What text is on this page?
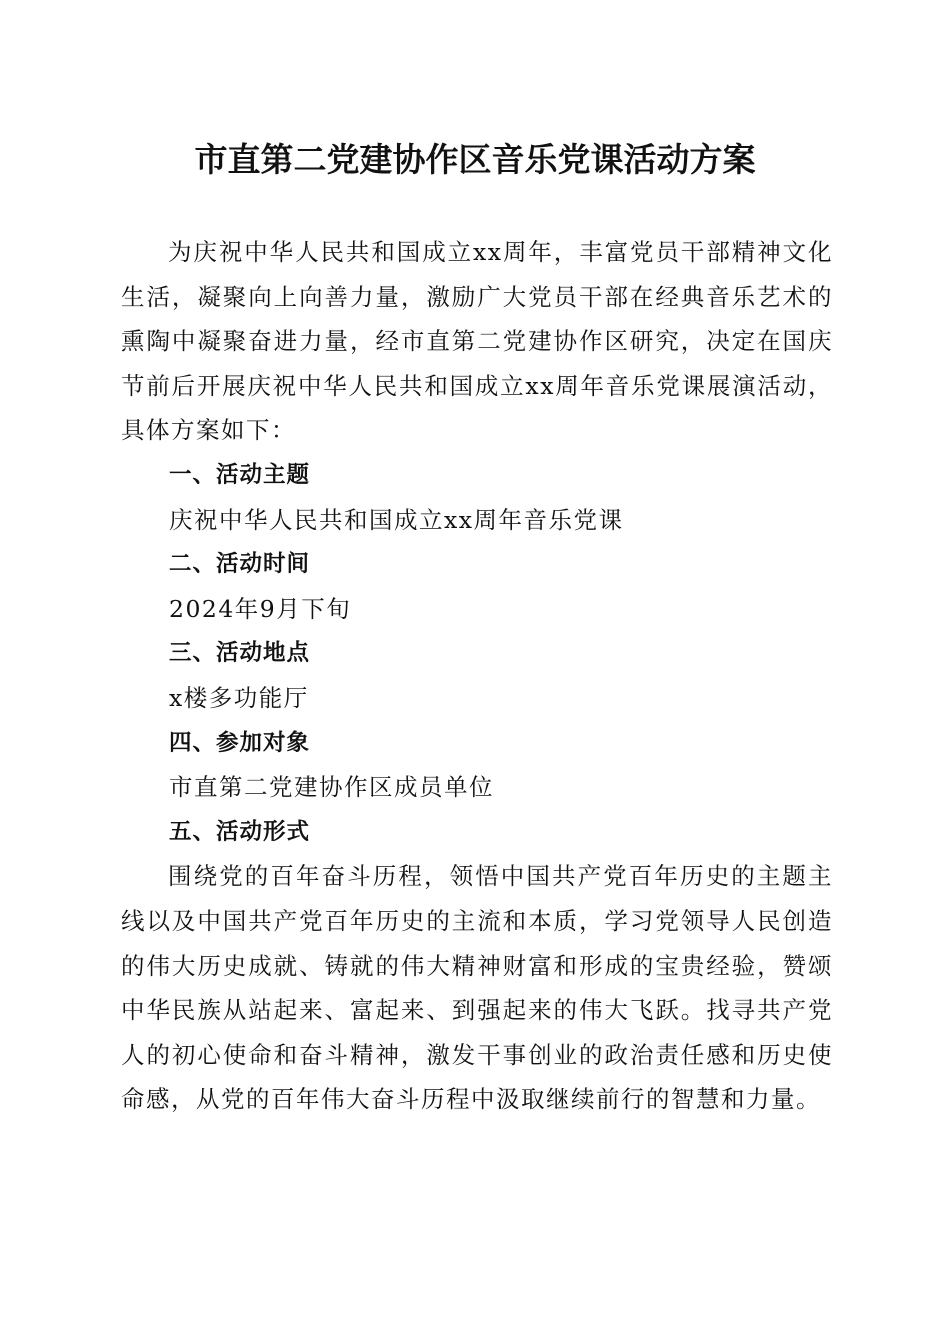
市直第二党建协作区音乐党课活动方案

为庆祝中华人民共和国成立xx周年，丰富党员干部精神文化生活，凝聚向上向善力量，激励广大党员干部在经典音乐艺术的熏陶中凝聚奋进力量，经市直第二党建协作区研究，决定在国庆节前后开展庆祝中华人民共和国成立xx周年音乐党课展演活动，具体方案如下：

一、活动主题
庆祝中华人民共和国成立xx周年音乐党课
二、活动时间
2024年9月下旬
三、活动地点
x楼多功能厅
四、参加对象
市直第二党建协作区成员单位
五、活动形式

围绕党的百年奋斗历程，领悟中国共产党百年历史的主题主线以及中国共产党百年历史的主流和本质，学习党领导人民创造的伟大历史成就、铸就的伟大精神财富和形成的宝贵经验，赞颂中华民族从站起来、富起来、到强起来的伟大飞跃。找寻共产党人的初心使命和奋斗精神，激发干事创业的政治责任感和历史使命感，从党的百年伟大奋斗历程中汲取继续前行的智慧和力量。
